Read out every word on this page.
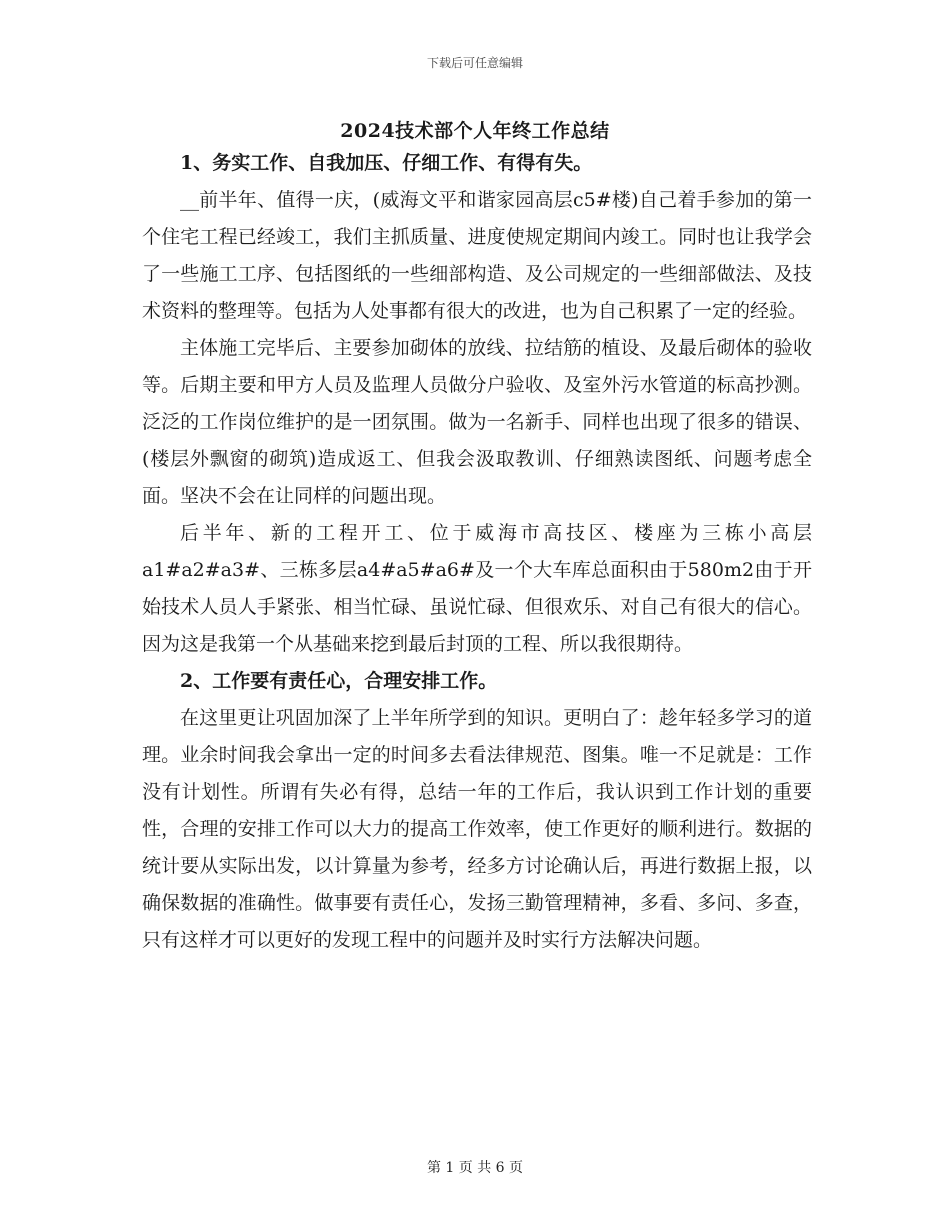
下载后可任意编辑
2024技术部个人年终工作总结

1、务实工作、自我加压、仔细工作、有得有失。

__前半年、值得一庆，(威海文平和谐家园高层c5#楼)自己着手参加的第一个住宅工程已经竣工，我们主抓质量、进度使规定期间内竣工。同时也让我学会了一些施工工序、包括图纸的一些细部构造、及公司规定的一些细部做法、及技术资料的整理等。包括为人处事都有很大的改进，也为自己积累了一定的经验。

主体施工完毕后、主要参加砌体的放线、拉结筋的植设、及最后砌体的验收等。后期主要和甲方人员及监理人员做分户验收、及室外污水管道的标高抄测。泛泛的工作岗位维护的是一团氛围。做为一名新手、同样也出现了很多的错误、(楼层外飘窗的砌筑)造成返工、但我会汲取教训、仔细熟读图纸、问题考虑全面。坚决不会在让同样的问题出现。

后半年、新的工程开工、位于威海市高技区、楼座为三栋小高层a1#a2#a3#、三栋多层a4#a5#a6#及一个大车库总面积由于580m2由于开始技术人员人手紧张、相当忙碌、虽说忙碌、但很欢乐、对自己有很大的信心。因为这是我第一个从基础来挖到最后封顶的工程、所以我很期待。

2、工作要有责任心，合理安排工作。

在这里更让巩固加深了上半年所学到的知识。更明白了：趁年轻多学习的道理。业余时间我会拿出一定的时间多去看法律规范、图集。唯一不足就是：工作没有计划性。所谓有失必有得，总结一年的工作后，我认识到工作计划的重要性，合理的安排工作可以大力的提高工作效率，使工作更好的顺利进行。数据的统计要从实际出发，以计算量为参考，经多方讨论确认后，再进行数据上报，以确保数据的准确性。做事要有责任心，发扬三勤管理精神，多看、多问、多查，只有这样才可以更好的发现工程中的问题并及时实行方法解决问题。

第 1 页 共 6 页
